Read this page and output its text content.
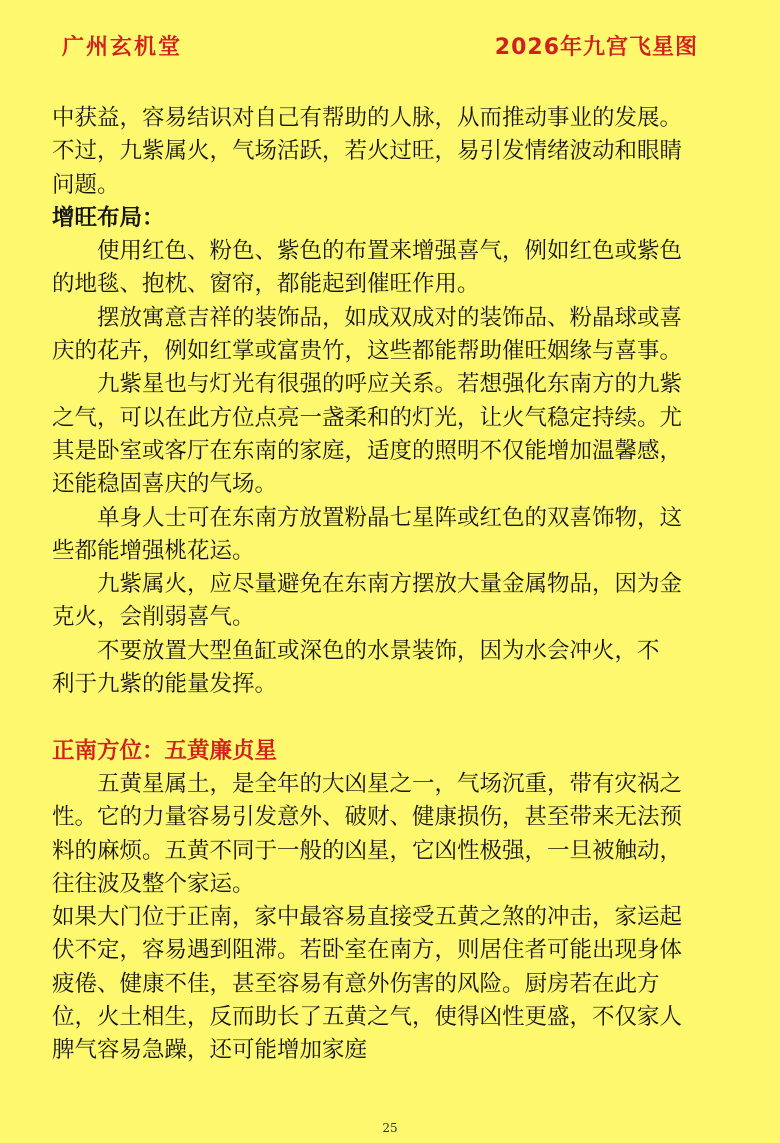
广州玄机堂	2026年九宫飞星图

中获益，容易结识对自己有帮助的人脉，从而推动事业的发展。不过，九紫属火，气场活跃，若火过旺，易引发情绪波动和眼睛问题。

增旺布局：

使用红色、粉色、紫色的布置来增强喜气，例如红色或紫色的地毯、抱枕、窗帘，都能起到催旺作用。

摆放寓意吉祥的装饰品，如成双成对的装饰品、粉晶球或喜庆的花卉，例如红掌或富贵竹，这些都能帮助催旺姻缘与喜事。

九紫星也与灯光有很强的呼应关系。若想强化东南方的九紫之气，可以在此方位点亮一盏柔和的灯光，让火气稳定持续。尤其是卧室或客厅在东南的家庭，适度的照明不仅能增加温馨感，还能稳固喜庆的气场。

单身人士可在东南方放置粉晶七星阵或红色的双喜饰物，这些都能增强桃花运。

九紫属火，应尽量避免在东南方摆放大量金属物品，因为金克火，会削弱喜气。

不要放置大型鱼缸或深色的水景装饰，因为水会冲火，不利于九紫的能量发挥。

正南方位：五黄廉贞星

五黄星属土，是全年的大凶星之一，气场沉重，带有灾祸之性。它的力量容易引发意外、破财、健康损伤，甚至带来无法预料的麻烦。五黄不同于一般的凶星，它凶性极强，一旦被触动，往往波及整个家运。

如果大门位于正南，家中最容易直接受五黄之煞的冲击，家运起伏不定，容易遇到阻滞。若卧室在南方，则居住者可能出现身体疲倦、健康不佳，甚至容易有意外伤害的风险。厨房若在此方位，火土相生，反而助长了五黄之气，使得凶性更盛，不仅家人脾气容易急躁，还可能增加家庭

25
